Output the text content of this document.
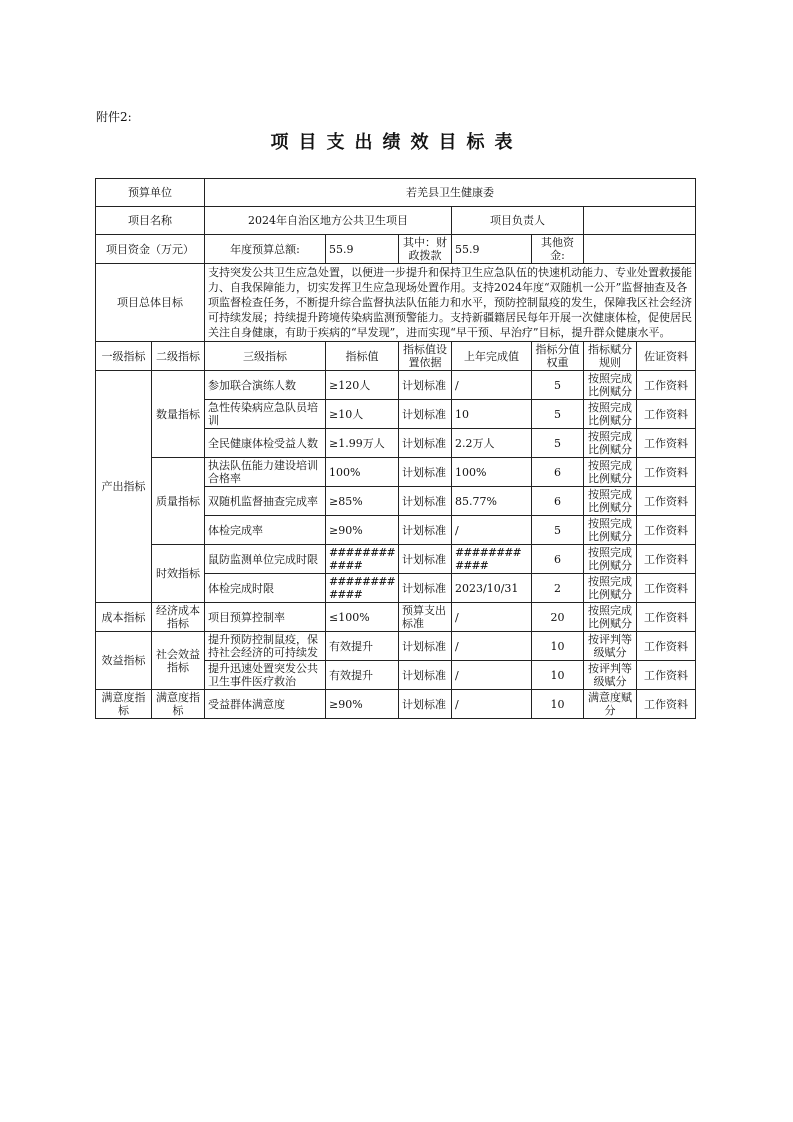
附件2:
项目支出绩效目标表
预算单位		若羌县卫生健康委						
项目名称		2024年自治区地方公共卫生项目			项目负责人			
项目资金（万元）		年度预算总额:	55.9	其中：财政拨款	55.9	其他资金:		
项目总体目标		支持突发公共卫生应急处置，以便进一步提升和保持卫生应急队伍的快速机动能力、专业处置救援能力、自我保障能力，切实发挥卫生应急现场处置作用。支持2024年度“双随机一公开”监督抽查及各项监督检查任务，不断提升综合监督执法队伍能力和水平，预防控制鼠疫的发生，保障我区社会经济可持续发展；持续提升跨境传染病监测预警能力。支持新疆籍居民每年开展一次健康体检，促使居民关注自身健康，有助于疾病的“早发现”，进而实现“早干预、早治疗”目标，提升群众健康水平。						
一级指标	二级指标	三级指标	指标值	指标值设置依据	上年完成值	指标分值权重	指标赋分规则	佐证资料
产出指标	数量指标	参加联合演练人数	≥120人	计划标准	/	5	按照完成比例赋分	工作资料
		急性传染病应急队员培训	≥10人	计划标准	10	5	按照完成比例赋分	工作资料
		全民健康体检受益人数	≥1.99万人	计划标准	2.2万人	5	按照完成比例赋分	工作资料
	质量指标	执法队伍能力建设培训合格率	100%	计划标准	100%	6	按照完成比例赋分	工作资料
		双随机监督抽查完成率	≥85%	计划标准	85.77%	6	按照完成比例赋分	工作资料
		体检完成率	≥90%	计划标准	/	5	按照完成比例赋分	工作资料
	时效指标	鼠防监测单位完成时限	############	计划标准	############	6	按照完成比例赋分	工作资料
		体检完成时限	############	计划标准	2023/10/31	2	按照完成比例赋分	工作资料
成本指标	经济成本指标	项目预算控制率	≤100%	预算支出标准	/	20	按照完成比例赋分	工作资料
效益指标	社会效益指标	提升预防控制鼠疫，保持社会经济的可持续发	有效提升	计划标准	/	10	按评判等级赋分	工作资料
		提升迅速处置突发公共卫生事件医疗救治	有效提升	计划标准	/	10	按评判等级赋分	工作资料
满意度指标	满意度指标	受益群体满意度	≥90%	计划标准	/	10	满意度赋分	工作资料
